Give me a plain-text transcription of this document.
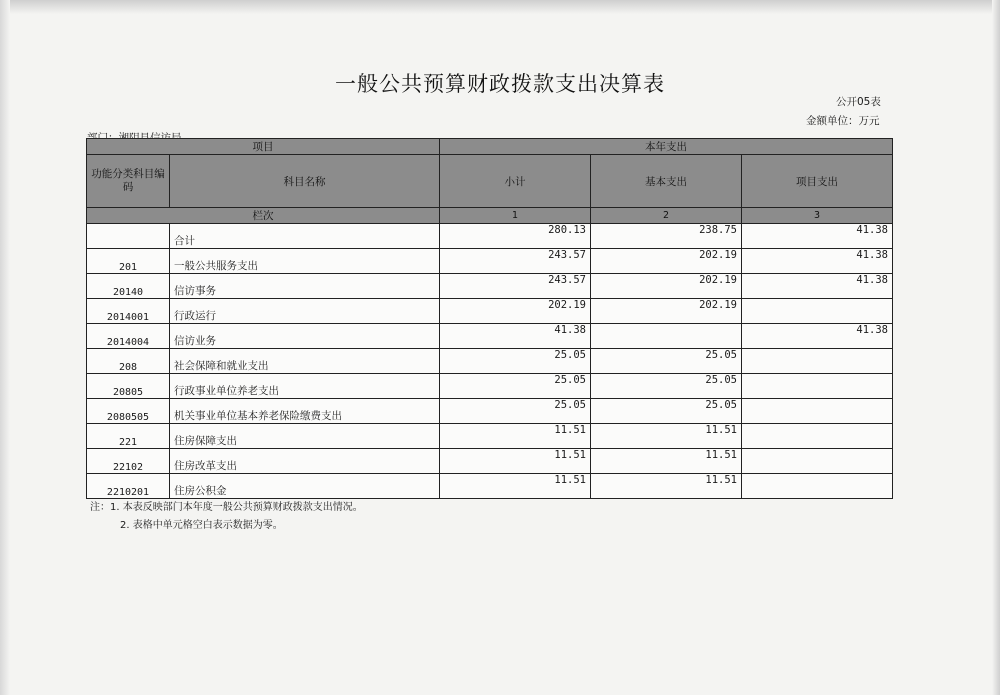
一般公共预算财政拨款支出决算表
公开05表
金额单位：万元
项目		本年支出		
功能分类科目编码	科目名称	小计	基本支出	项目支出
栏次		1	2	3
	合计	280.13	238.75	41.38
201	一般公共服务支出	243.57	202.19	41.38
20140	信访事务	243.57	202.19	41.38
2014001	行政运行	202.19	202.19	
2014004	信访业务	41.38		41.38
208	社会保障和就业支出	25.05	25.05	
20805	行政事业单位养老支出	25.05	25.05	
2080505	机关事业单位基本养老保险缴费支出	25.05	25.05	
221	住房保障支出	11.51	11.51	
22102	住房改革支出	11.51	11.51	
2210201	住房公积金	11.51	11.51	
注：1. 本表反映部门本年度一般公共预算财政拨款支出情况。
2. 表格中单元格空白表示数据为零。
